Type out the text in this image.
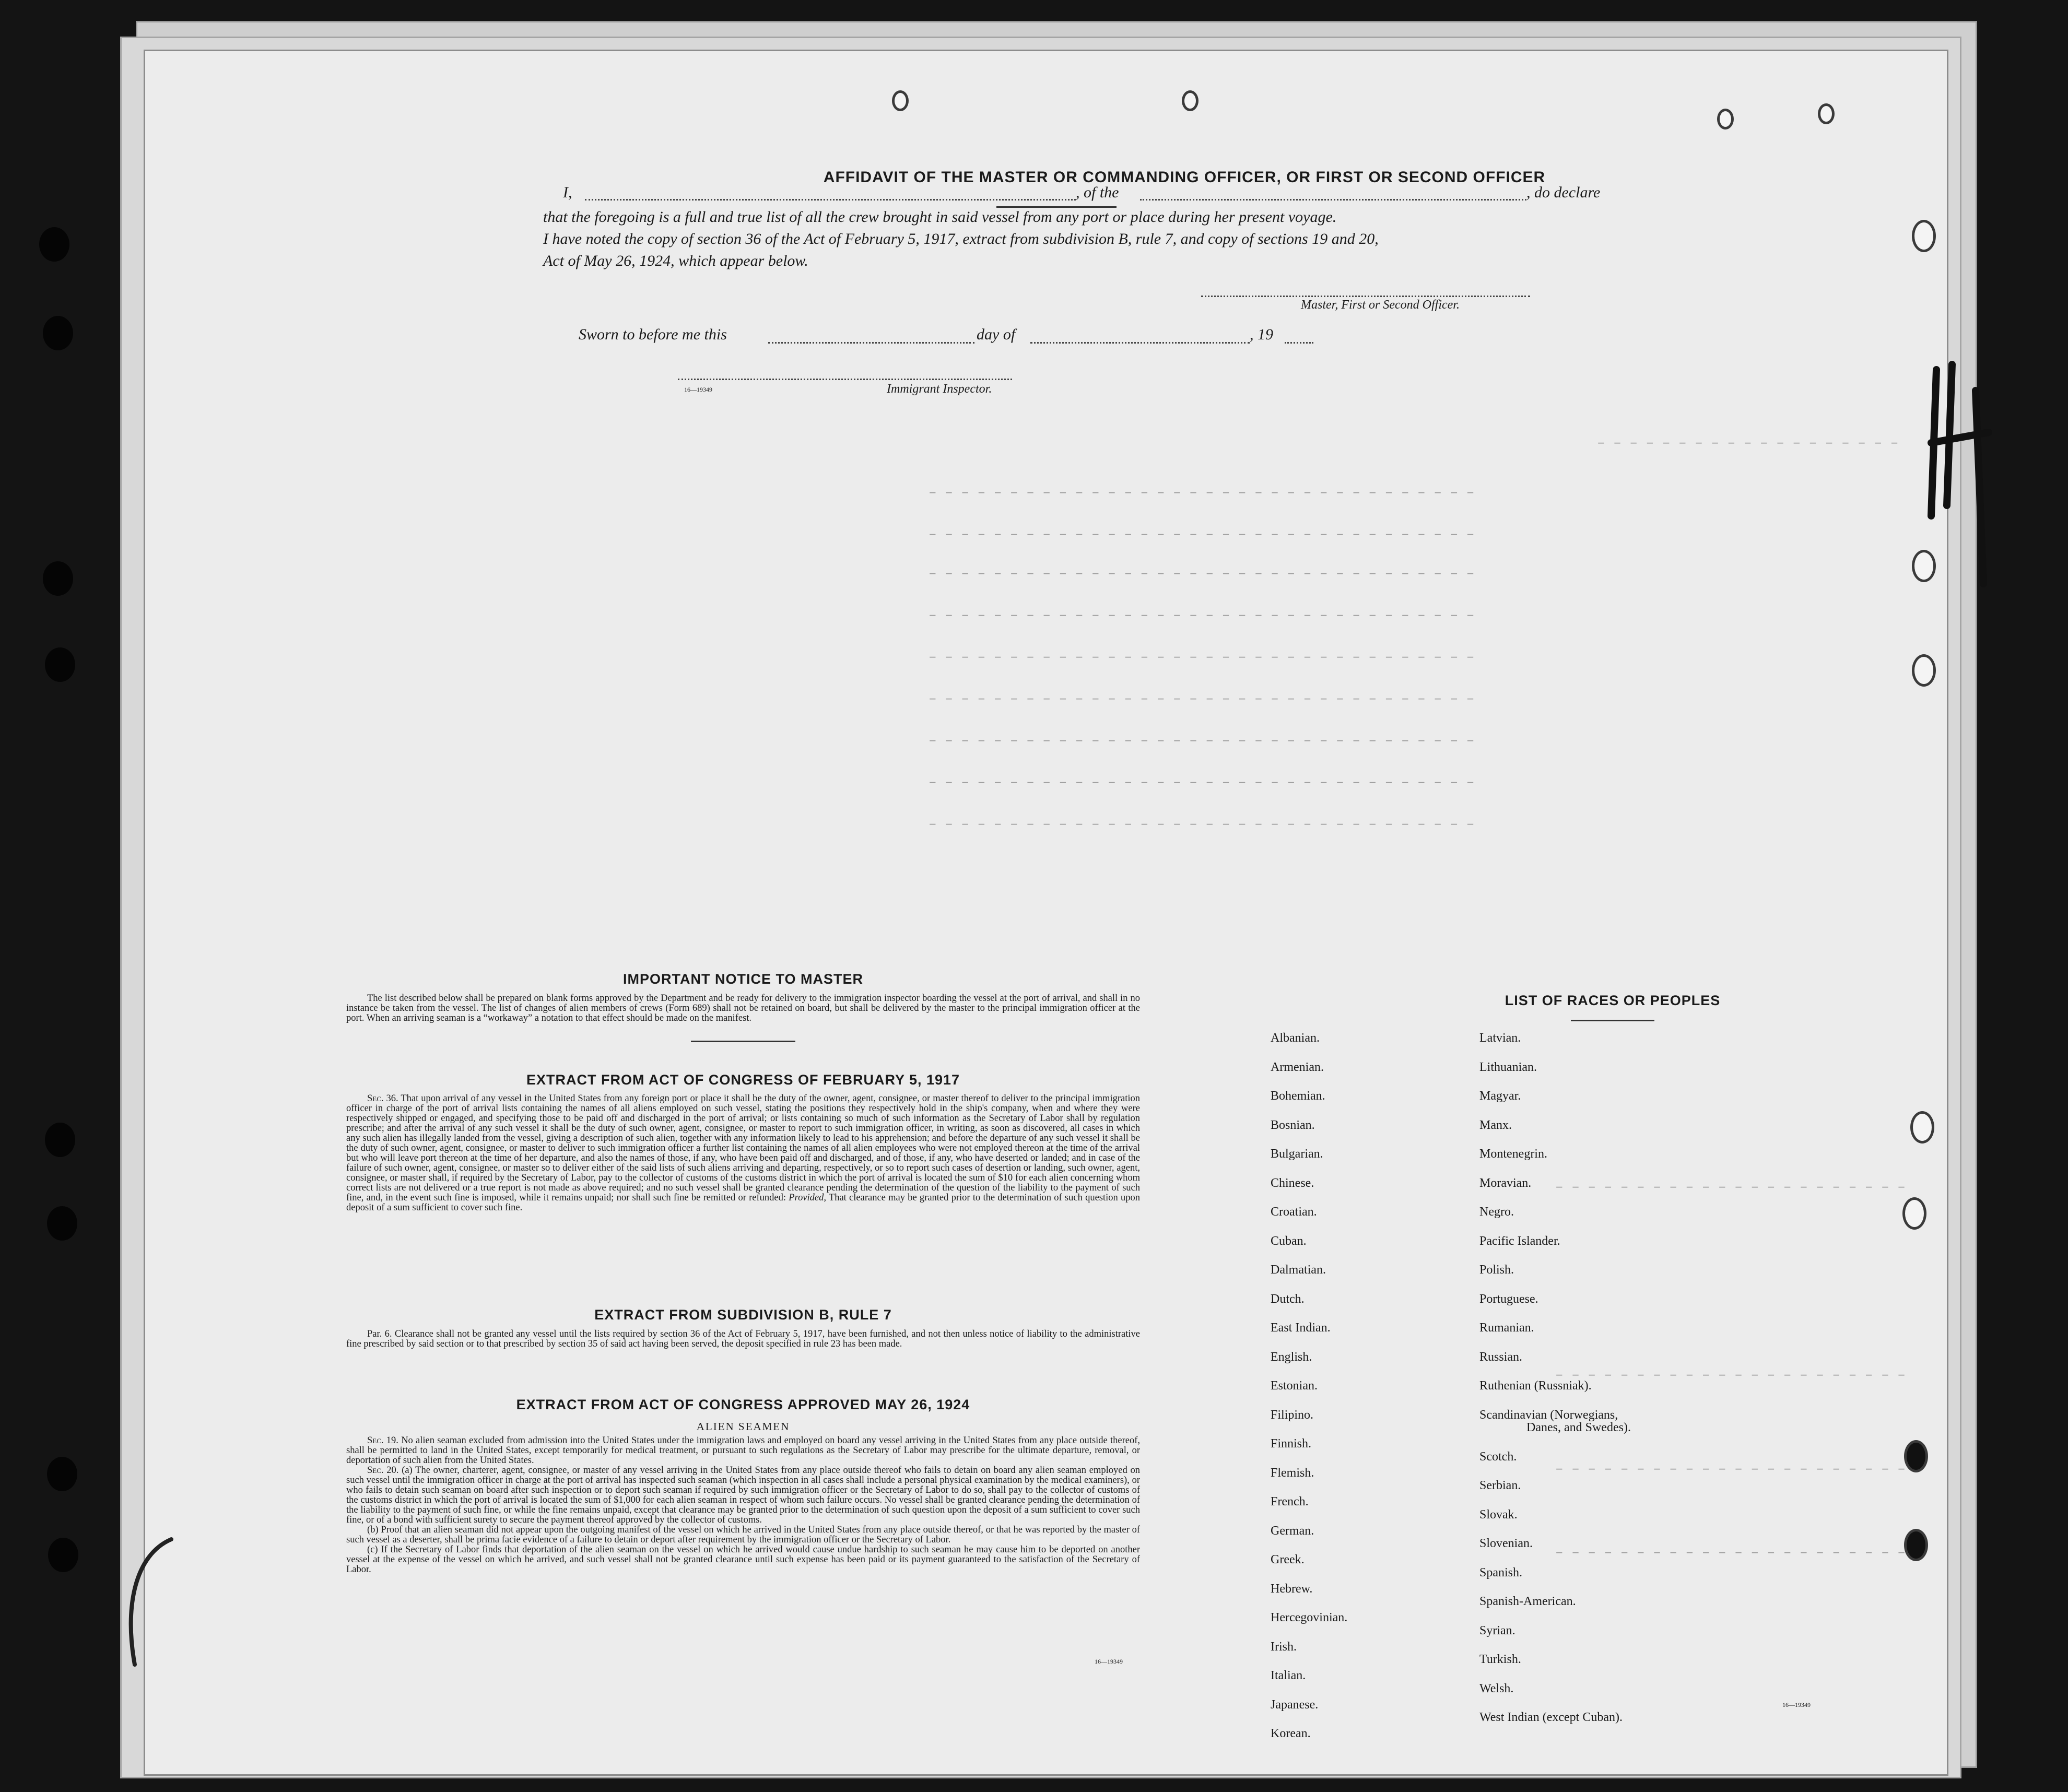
– – – – – – – – – – – – – – – – – – –
– – – – – – – – – – – – – – – – – – – – – – – – – – – – – – – – – –
– – – – – – – – – – – – – – – – – – – – – – – – – – – – – – – – – –
– – – – – – – – – – – – – – – – – – – – – – – – – – – – – – – – – –
– – – – – – – – – – – – – – – – – – – – – – – – – – – – – – – – – –
– – – – – – – – – – – – – – – – – – – – – – – – – – – – – – – – – –
– – – – – – – – – – – – – – – – – – – – – – – – – – – – – – – – – –
– – – – – – – – – – – – – – – – – – – – – – – – – – – – – – – – – –
– – – – – – – – – – – – – – – – – – – – – – – – – – – – – – – – – –
– – – – – – – – – – – – – – – – – – – – – – – – – – – – – – – – – –
– – – – – – – – – – – – – – – – – – – – – –
– – – – – – – – – – – – – – – – – – – – – –
– – – – – – – – – – – – – – – – – – – – – –
– – – – – – – – – – – – – – – – – – – – – –
AFFIDAVIT OF THE MASTER OR COMMANDING OFFICER, OR FIRST OR SECOND OFFICER
I,	, of the	, do declare
that the foregoing is a full and true list of all the crew brought in said vessel from any port or place during her present voyage.
I have noted the copy of section 36 of the Act of February 5, 1917, extract from subdivision B, rule 7, and copy of sections 19 and 20,
Act of May 26, 1924, which appear below.
Master, First or Second Officer.
Sworn to before me this	day of	, 19
16—19349	Immigrant Inspector.
IMPORTANT NOTICE TO MASTER
The list described below shall be prepared on blank forms approved by the Department and be ready for delivery to the immigration inspector boarding the vessel at the port of arrival, and shall in no instance be taken from the vessel. The list of changes of alien members of crews (Form 689) shall not be retained on board, but shall be delivered by the master to the principal immigration officer at the port. When an arriving seaman is a “workaway” a notation to that effect should be made on the manifest.
EXTRACT FROM ACT OF CONGRESS OF FEBRUARY 5, 1917
Sec. 36. That upon arrival of any vessel in the United States from any foreign port or place it shall be the duty of the owner, agent, consignee, or master thereof to deliver to the principal immigration officer in charge of the port of arrival lists containing the names of all aliens employed on such vessel, stating the positions they respectively hold in the ship's company, when and where they were respectively shipped or engaged, and specifying those to be paid off and discharged in the port of arrival; or lists containing so much of such information as the Secretary of Labor shall by regulation prescribe; and after the arrival of any such vessel it shall be the duty of such owner, agent, consignee, or master to report to such immigration officer, in writing, as soon as discovered, all cases in which any such alien has illegally landed from the vessel, giving a description of such alien, together with any information likely to lead to his apprehension; and before the departure of any such vessel it shall be the duty of such owner, agent, consignee, or master to deliver to such immigration officer a further list containing the names of all alien employees who were not employed thereon at the time of the arrival but who will leave port thereon at the time of her departure, and also the names of those, if any, who have been paid off and discharged, and of those, if any, who have deserted or landed; and in case of the failure of such owner, agent, consignee, or master so to deliver either of the said lists of such aliens arriving and departing, respectively, or so to report such cases of desertion or landing, such owner, agent, consignee, or master shall, if required by the Secretary of Labor, pay to the collector of customs of the customs district in which the port of arrival is located the sum of $10 for each alien concerning whom correct lists are not delivered or a true report is not made as above required; and no such vessel shall be granted clearance pending the determination of the question of the liability to the payment of such fine, and, in the event such fine is imposed, while it remains unpaid; nor shall such fine be remitted or refunded: Provided, That clearance may be granted prior to the determination of such question upon deposit of a sum sufficient to cover such fine.
EXTRACT FROM SUBDIVISION B, RULE 7
Par. 6. Clearance shall not be granted any vessel until the lists required by section 36 of the Act of February 5, 1917, have been furnished, and not then unless notice of liability to the administrative fine prescribed by said section or to that prescribed by section 35 of said act having been served, the deposit specified in rule 23 has been made.
EXTRACT FROM ACT OF CONGRESS APPROVED MAY 26, 1924
ALIEN SEAMEN
Sec. 19. No alien seaman excluded from admission into the United States under the immigration laws and employed on board any vessel arriving in the United States from any place outside thereof, shall be permitted to land in the United States, except temporarily for medical treatment, or pursuant to such regulations as the Secretary of Labor may prescribe for the ultimate departure, removal, or deportation of such alien from the United States.
Sec. 20. (a) The owner, charterer, agent, consignee, or master of any vessel arriving in the United States from any place outside thereof who fails to detain on board any alien seaman employed on such vessel until the immigration officer in charge at the port of arrival has inspected such seaman (which inspection in all cases shall include a personal physical examination by the medical examiners), or who fails to detain such seaman on board after such inspection or to deport such seaman if required by such immigration officer or the Secretary of Labor to do so, shall pay to the collector of customs of the customs district in which the port of arrival is located the sum of $1,000 for each alien seaman in respect of whom such failure occurs. No vessel shall be granted clearance pending the determination of the liability to the payment of such fine, or while the fine remains unpaid, except that clearance may be granted prior to the determination of such question upon the deposit of a sum sufficient to cover such fine, or of a bond with sufficient surety to secure the payment thereof approved by the collector of customs.
(b) Proof that an alien seaman did not appear upon the outgoing manifest of the vessel on which he arrived in the United States from any place outside thereof, or that he was reported by the master of such vessel as a deserter, shall be prima facie evidence of a failure to detain or deport after requirement by the immigration officer or the Secretary of Labor.
(c) If the Secretary of Labor finds that deportation of the alien seaman on the vessel on which he arrived would cause undue hardship to such seaman he may cause him to be deported on another vessel at the expense of the vessel on which he arrived, and such vessel shall not be granted clearance until such expense has been paid or its payment guaranteed to the satisfaction of the Secretary of Labor.
16—19349
LIST OF RACES OR PEOPLES
16—19349
Albanian.
Armenian.
Bohemian.
Bosnian.
Bulgarian.
Chinese.
Croatian.
Cuban.
Dalmatian.
Dutch.
East Indian.
English.
Estonian.
Filipino.
Finnish.
Flemish.
French.
German.
Greek.
Hebrew.
Hercegovinian.
Irish.
Italian.
Japanese.
Korean.
Latvian.
Lithuanian.
Magyar.
Manx.
Montenegrin.
Moravian.
Negro.
Pacific Islander.
Polish.
Portuguese.
Rumanian.
Russian.
Ruthenian (Russniak).
Scandinavian (Norwegians,
Danes, and Swedes).
Scotch.
Serbian.
Slovak.
Slovenian.
Spanish.
Spanish-American.
Syrian.
Turkish.
Welsh.
West Indian (except Cuban).
